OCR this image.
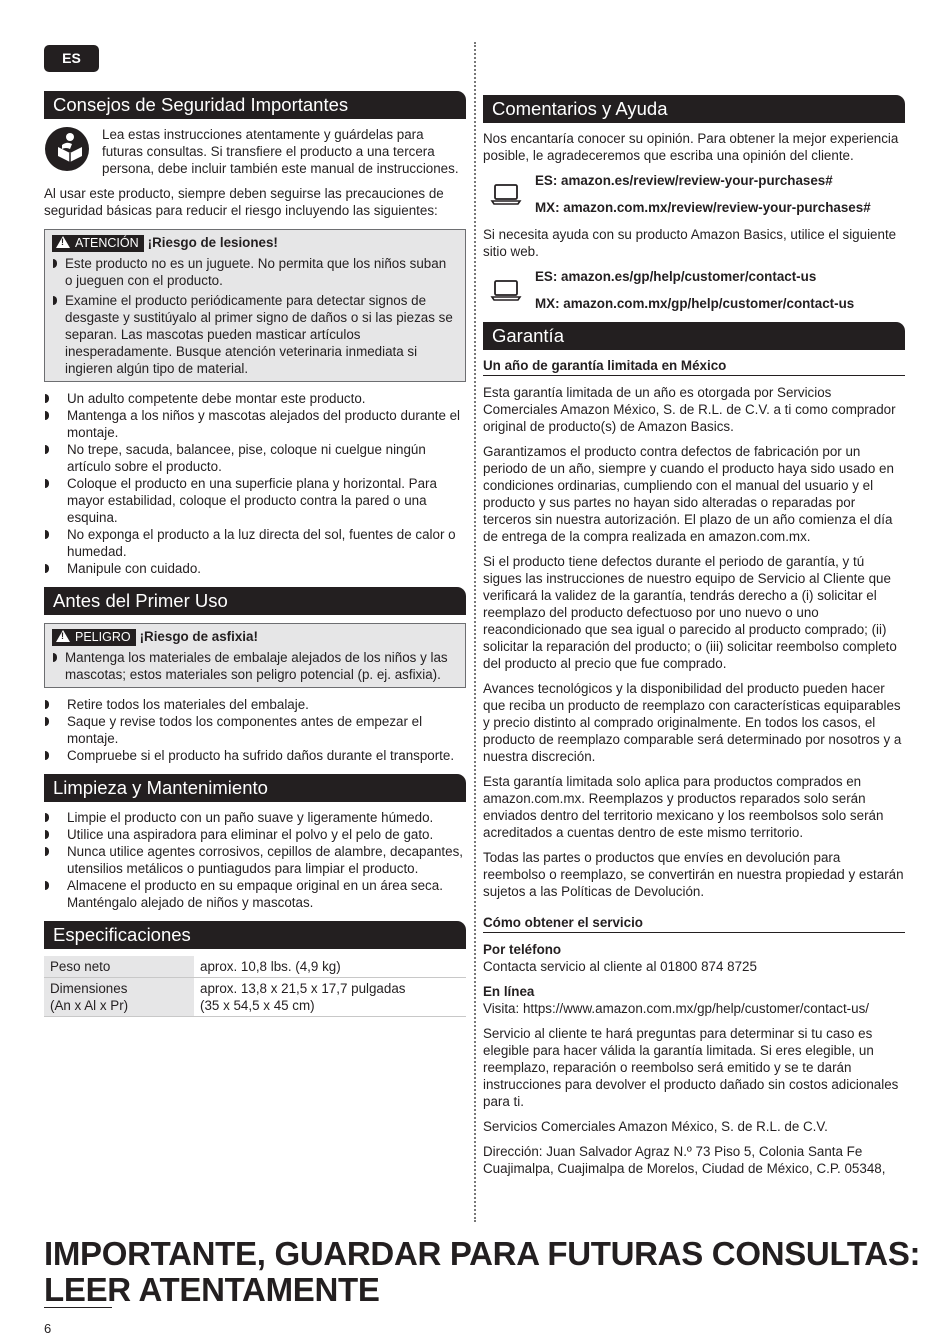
ES
Consejos de Seguridad Importantes

Lea estas instrucciones atentamente y guárdelas para futuras consultas. Si transfiere el producto a una tercera persona, debe incluir también este manual de instrucciones.

Al usar este producto, siempre deben seguirse las precauciones de seguridad básicas para reducir el riesgo incluyendo las siguientes:

!ATENCIÓN ¡Riesgo de lesiones!
Este producto no es un juguete. No permita que los niños suban o jueguen con el producto.
Examine el producto periódicamente para detectar signos de desgaste y sustitúyalo al primer signo de daños o si las piezas se separan. Las mascotas pueden masticar artículos inesperadamente. Busque atención veterinaria inmediata si ingieren algún tipo de material.
Un adulto competente debe montar este producto.
Mantenga a los niños y mascotas alejados del producto durante el montaje.
No trepe, sacuda, balancee, pise, coloque ni cuelgue ningún artículo sobre el producto.
Coloque el producto en una superficie plana y horizontal. Para mayor estabilidad, coloque el producto contra la pared o una esquina.
No exponga el producto a la luz directa del sol, fuentes de calor o humedad.
Manipule con cuidado.
Antes del Primer Uso
!PELIGRO ¡Riesgo de asfixia!
Mantenga los materiales de embalaje alejados de los niños y las mascotas; estos materiales son peligro potencial (p. ej. asfixia).
Retire todos los materiales del embalaje.
Saque y revise todos los componentes antes de empezar el montaje.
Compruebe si el producto ha sufrido daños durante el transporte.
Limpieza y Mantenimiento
Limpie el producto con un paño suave y ligeramente húmedo.
Utilice una aspiradora para eliminar el polvo y el pelo de gato.
Nunca utilice agentes corrosivos, cepillos de alambre, decapantes, utensilios metálicos o puntiagudos para limpiar el producto.
Almacene el producto en su empaque original en un área seca. Manténgalo alejado de niños y mascotas.
Especificaciones
Peso neto	aprox. 10,8 lbs. (4,9 kg)
Dimensiones
(An x Al x Pr)	aprox. 13,8 x 21,5 x 17,7 pulgadas
(35 x 54,5 x 45 cm)
Comentarios y Ayuda

Nos encantaría conocer su opinión. Para obtener la mejor experiencia posible, le agradeceremos que escriba una opinión del cliente.

ES: amazon.es/review/review-your-purchases#
MX: amazon.com.mx/review/review-your-purchases#

Si necesita ayuda con su producto Amazon Basics, utilice el siguiente sitio web.

ES: amazon.es/gp/help/customer/contact-us
MX: amazon.com.mx/gp/help/customer/contact-us
Garantía
Un año de garantía limitada en México

Esta garantía limitada de un año es otorgada por Servicios Comerciales Amazon México, S. de R.L. de C.V. a ti como comprador original de producto(s) de Amazon Basics.

Garantizamos el producto contra defectos de fabricación por un periodo de un año, siempre y cuando el producto haya sido usado en condiciones ordinarias, cumpliendo con el manual del usuario y el producto y sus partes no hayan sido alteradas o reparadas por terceros sin nuestra autorización. El plazo de un año comienza el día de entrega de la compra realizada en amazon.com.mx.

Si el producto tiene defectos durante el periodo de garantía, y tú sigues las instrucciones de nuestro equipo de Servicio al Cliente que verificará la validez de la garantía, tendrás derecho a (i) solicitar el reemplazo del producto defectuoso por uno nuevo o uno reacondicionado que sea igual o parecido al producto comprado; (ii) solicitar la reparación del producto; o (iii) solicitar reembolso completo del producto al precio que fue comprado.

Avances tecnológicos y la disponibilidad del producto pueden hacer que reciba un producto de reemplazo con características equiparables y precio distinto al comprado originalmente. En todos los casos, el producto de reemplazo comparable será determinado por nosotros y a nuestra discreción.

Esta garantía limitada solo aplica para productos comprados en amazon.com.mx. Reemplazos y productos reparados solo serán enviados dentro del territorio mexicano y los reembolsos solo serán acreditados a cuentas dentro de este mismo territorio.

Todas las partes o productos que envíes en devolución para reembolso o reemplazo, se convertirán en nuestra propiedad y estarán sujetos a las Políticas de Devolución.

Cómo obtener el servicio

Por teléfono

Contacta servicio al cliente al 01800 874 8725

En línea

Visita: https://www.amazon.com.mx/gp/help/customer/contact-us/

Servicio al cliente te hará preguntas para determinar si tu caso es elegible para hacer válida la garantía limitada. Si eres elegible, un reemplazo, reparación o reembolso será emitido y se te darán instrucciones para devolver el producto dañado sin costos adicionales para ti.

Servicios Comerciales Amazon México, S. de R.L. de C.V.

Dirección: Juan Salvador Agraz N.º 73 Piso 5, Colonia Santa Fe Cuajimalpa, Cuajimalpa de Morelos, Ciudad de México, C.P. 05348,

IMPORTANTE, GUARDAR PARA FUTURAS CONSULTAS:
LEER ATENTAMENTE
6
